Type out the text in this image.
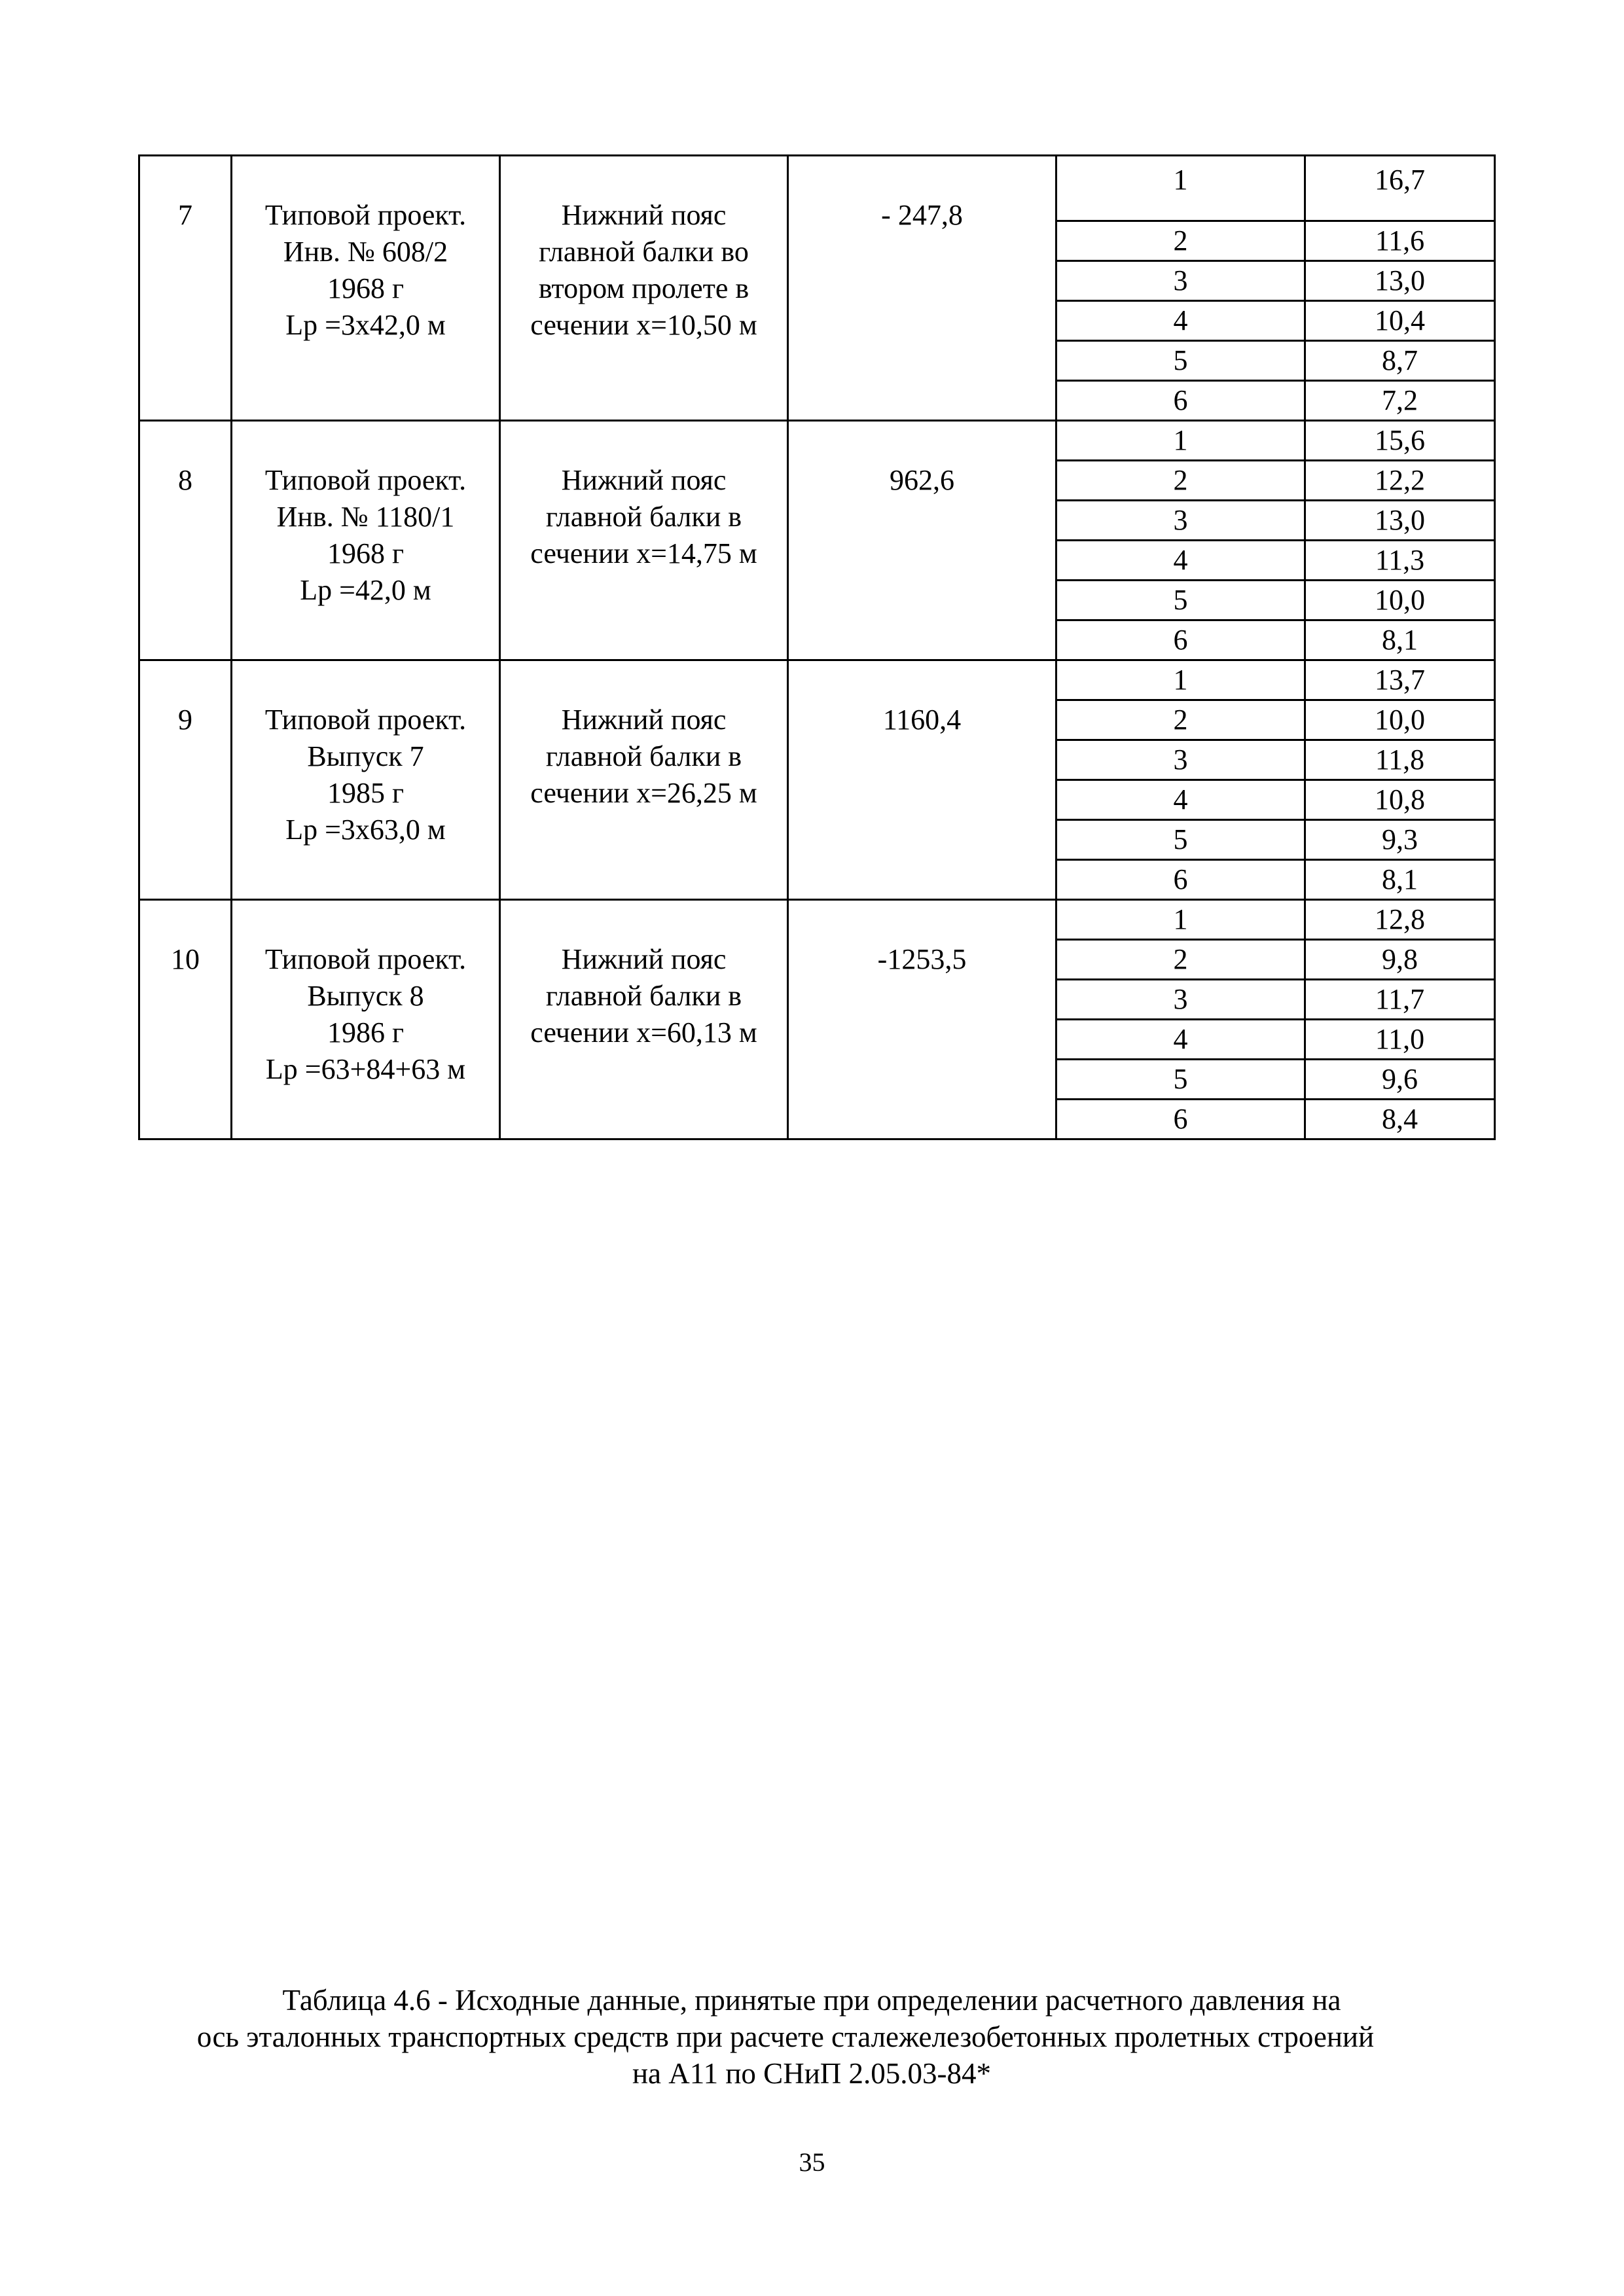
7	Типовой проект.
Инв. № 608/2
1968 г
Lp =3х42,0 м	Нижний пояс
главной балки во
втором пролете в
сечении х=10,50 м	- 247,8	1	16,7
				2	11,6
				3	13,0
				4	10,4
				5	8,7
				6	7,2
8	Типовой проект.
Инв. № 1180/1
1968 г
Lp =42,0 м	Нижний пояс
главной балки в
сечении х=14,75 м	962,6	1	15,6
				2	12,2
				3	13,0
				4	11,3
				5	10,0
				6	8,1
9	Типовой проект.
Выпуск 7
1985 г
Lp =3х63,0 м	Нижний пояс
главной балки в
сечении х=26,25 м	1160,4	1	13,7
				2	10,0
				3	11,8
				4	10,8
				5	9,3
				6	8,1
10	Типовой проект.
Выпуск 8
1986 г
Lp =63+84+63 м	Нижний пояс
главной балки в
сечении х=60,13 м	-1253,5	1	12,8
				2	9,8
				3	11,7
				4	11,0
				5	9,6
				6	8,4
Таблица 4.6 - Исходные данные, принятые при определении расчетного давления на
ось эталонных транспортных средств при расчете сталежелезобетонных пролетных строений
на А11 по СНиП 2.05.03-84*
35
